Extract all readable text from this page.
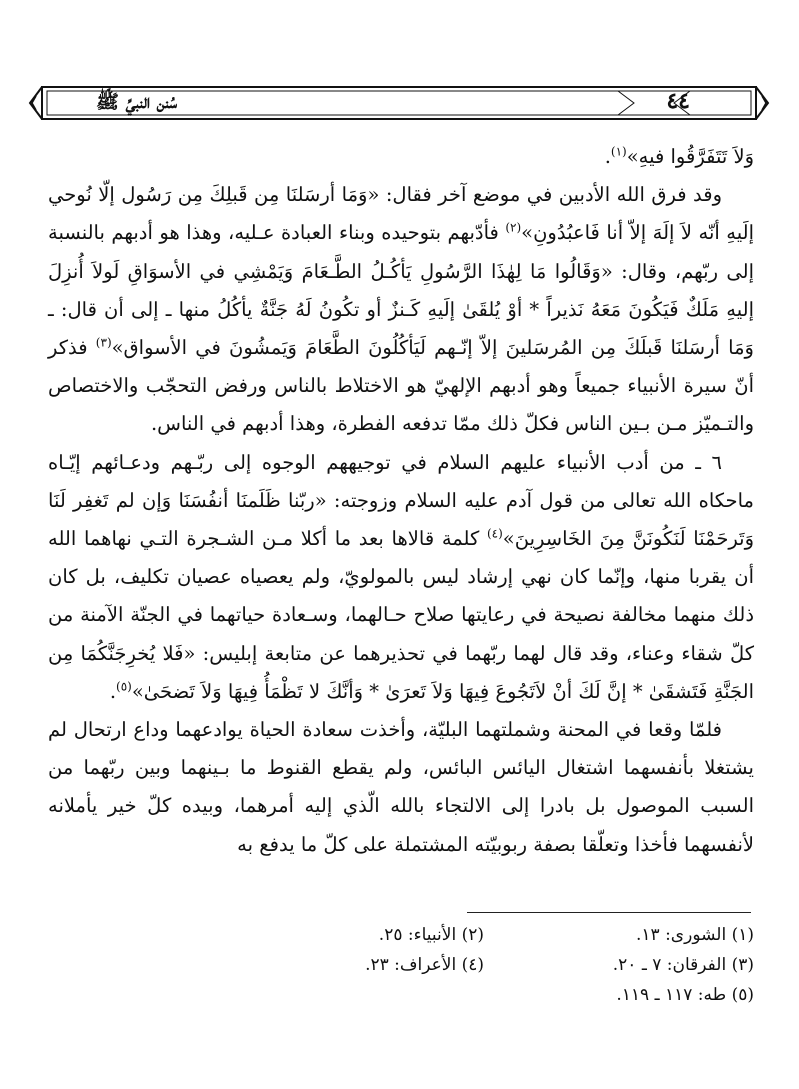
٤٤
سُنن النبيِّ ﷺ

وَلاَ تَتَفَرَّقُوا فيهِ»$^{(١)}$.

وقد فرق الله الأدبين في موضع آخر فقال: «وَمَا أرسَلنَا مِن قَبلِكَ مِن رَسُول إلّا نُوحي إلَيهِ أنّه لاَ إلَهَ إلاّ أنا فَاعبُدُونِ»$^{(٢)}$ فأدّبهم بتوحيده وبناء العبادة عـليه، وهذا هو أدبهم بالنسبة إلى ربّهم، وقال: «وَقَالُوا مَا لِهٰذَا الرَّسُولِ يَأكُـلُ الطَّـعَامَ وَيَمْشِي في الأسوَاقِ لَولاَ أُنزِلَ إليهِ مَلَكٌ فَيَكُونَ مَعَهُ نَذيراً * أوْ يُلقَىٰ إلَيهِ كَـنزٌ أو تكُونُ لَهُ جَنَّةٌ يأكُلُ منها ـ إلى أن قال: ـ وَمَا أرسَلنَا قَبلَكَ مِن المُرسَلينَ إلاّ إنّـهم لَيَأكُلُونَ الطَّعَامَ وَيَمشُونَ في الأسواق»$^{(٣)}$ فذكر أنّ سيرة الأنبياء جميعاً وهو أدبهم الإلهيّ هو الاختلاط بالناس ورفض التحجّب والاختصاص والتـميّز مـن بـين الناس فكلّ ذلك ممّا تدفعه الفطرة، وهذا أدبهم في الناس.

٦ ـ من أدب الأنبياء عليهم السلام في توجيههم الوجوه إلى ربّـهم ودعـائهم إيّـاه ماحكاه الله تعالى من قول آدم عليه السلام وزوجته: «ربّنا ظَلَمنَا أنفُسَنَا وَإن لم تَغفِر لَنَا وَتَرحَمْنَا لَنَكُونَنَّ مِنَ الخَاسِرِينَ»$^{(٤)}$ كلمة قالاها بعد ما أكلا مـن الشـجرة التـي نهاهما الله أن يقربا منها، وإنّما كان نهي إرشاد ليس بالمولويّ، ولم يعصياه عصيان تكليف، بل كان ذلك منهما مخالفة نصيحة في رعايتها صلاح حـالهما، وسـعادة حياتهما في الجنّة الآمنة من كلّ شقاء وعناء، وقد قال لهما ربّهما في تحذيرهما عن متابعة إبليس: «فَلا يُخرِجَنَّكُمَا مِن الجَنَّةِ فَتَشقَىٰ * إنَّ لَكَ أنْ لاَتَجُوعَ فِيهَا وَلاَ تَعرَىٰ * وَأنَّكَ لا تَظْمَأُ فِيهَا وَلاَ تَضحَىٰ»$^{(٥)}$.

فلمّا وقعا في المحنة وشملتهما البليّة، وأخذت سعادة الحياة يوادعهما وداع ارتحال لم يشتغلا بأنفسهما اشتغال اليائس البائس، ولم يقطع القنوط ما بـينهما وبين ربّهما من السبب الموصول بل بادرا إلى الالتجاء بالله الّذي إليه أمرهما، وبيده كلّ خير يأملانه لأنفسهما فأخذا وتعلّقا بصفة ربوبيّته المشتملة على كلّ ما يدفع به

(١) الشورى: ١٣.
(٢) الأنبياء: ٢٥.
(٣) الفرقان: ٧ ـ ٢٠.
(٤) الأعراف: ٢٣.
(٥) طه: ١١٧ ـ ١١٩.
